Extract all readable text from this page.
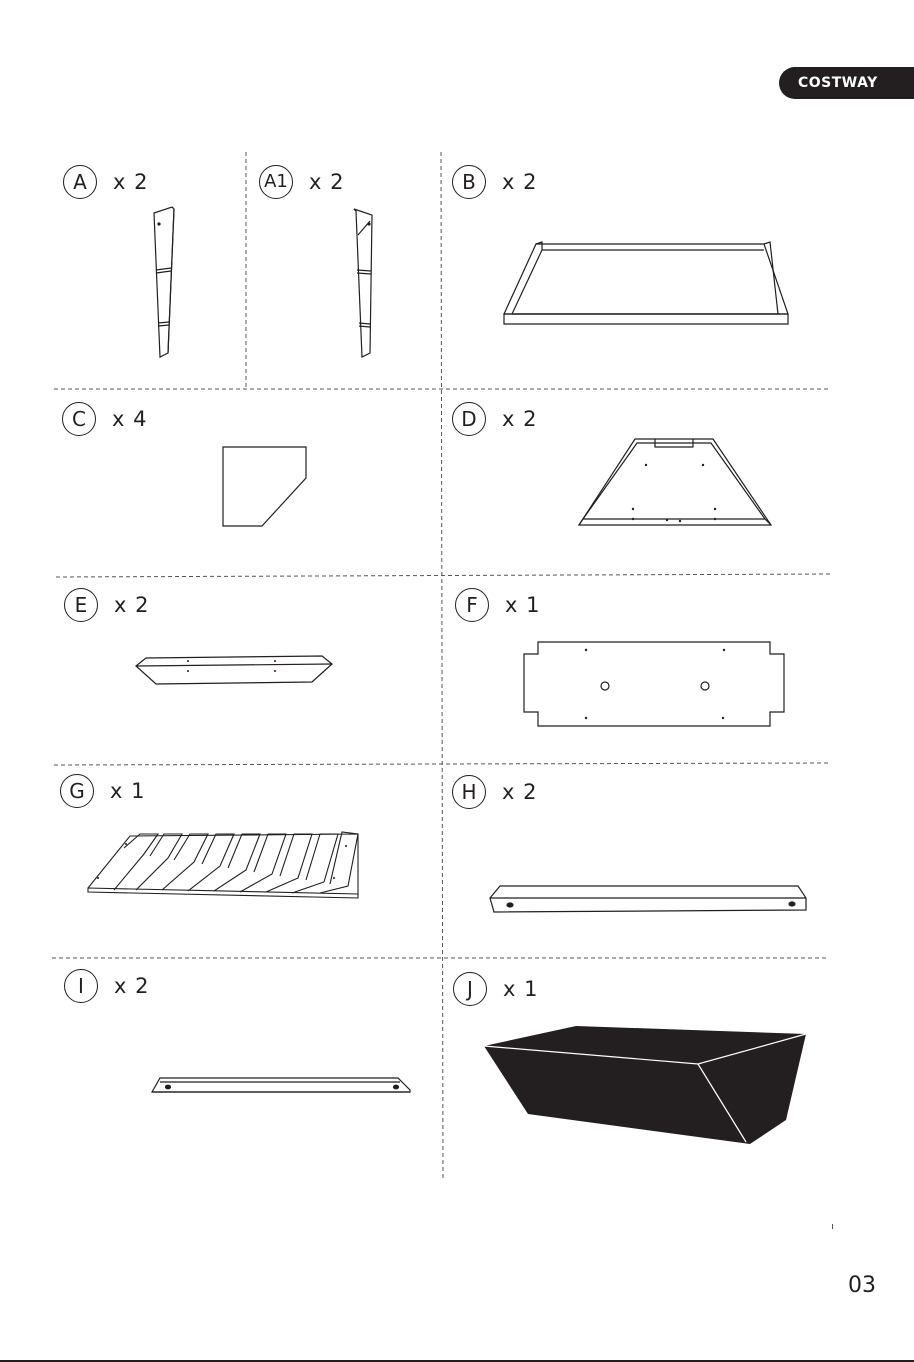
COSTWAY
A	x 2	A1 x 2	B	x 2
C	x 4	D	x 2
E	x 2	F	x 1
G	x 1	H	x 2
I	x 2	J	x 1
03
